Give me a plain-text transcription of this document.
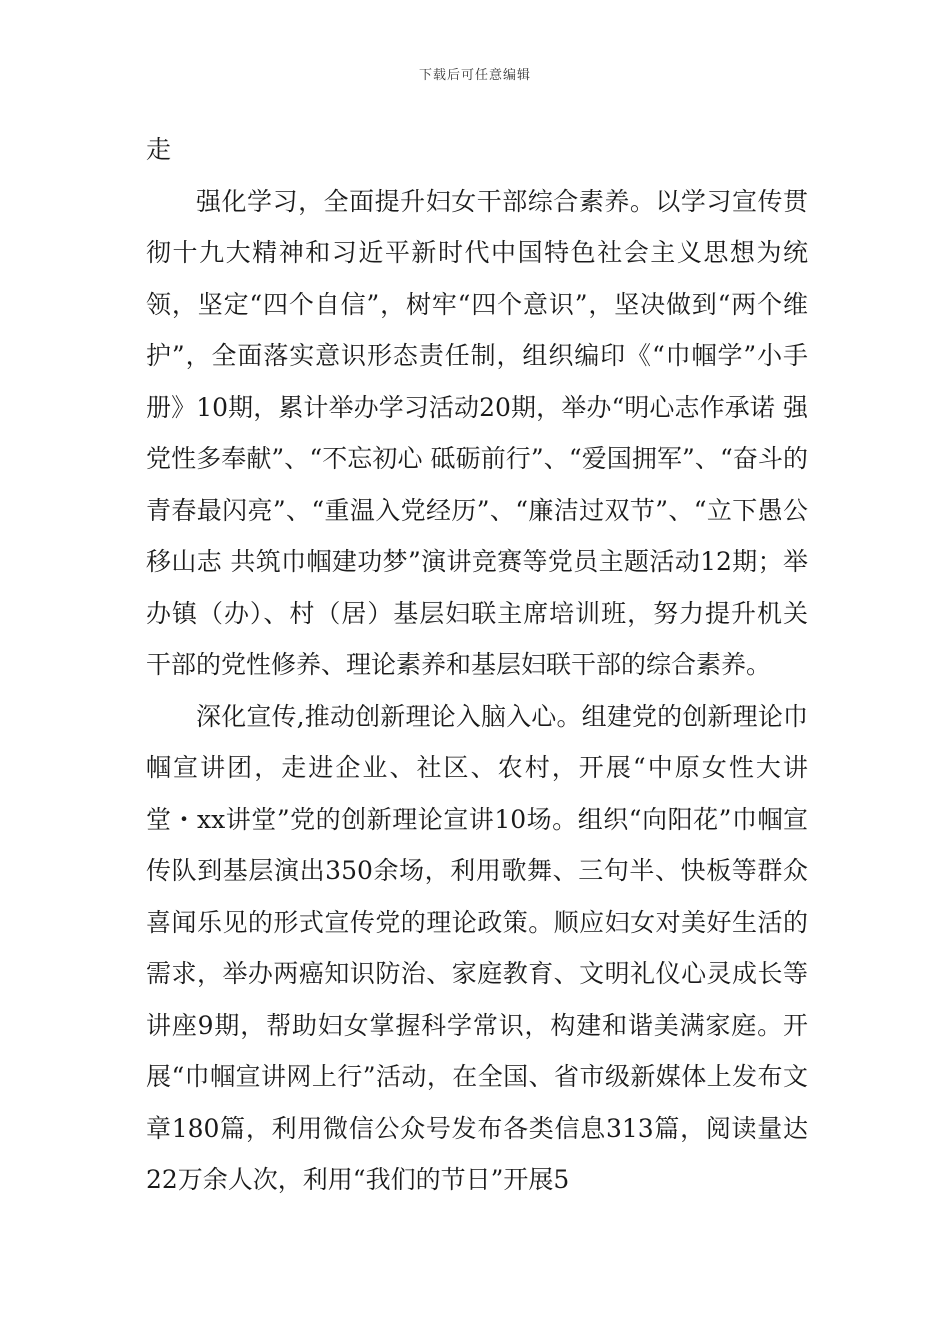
下载后可任意编辑

走

强化学习，全面提升妇女干部综合素养。以学习宣传贯彻十九大精神和习近平新时代中国特色社会主义思想为统领，坚定“四个自信”，树牢“四个意识”，坚决做到“两个维护”，全面落实意识形态责任制，组织编印《“巾帼学”小手册》10期，累计举办学习活动20期，举办“明心志作承诺 强党性多奉献”、“不忘初心 砥砺前行”、“爱国拥军”、“奋斗的青春最闪亮”、“重温入党经历”、“廉洁过双节”、“立下愚公移山志 共筑巾帼建功梦”演讲竞赛等党员主题活动12期；举办镇（办）、村（居）基层妇联主席培训班，努力提升机关干部的党性修养、理论素养和基层妇联干部的综合素养。

深化宣传,推动创新理论入脑入心。组建党的创新理论巾帼宣讲团，走进企业、社区、农村，开展“中原女性大讲堂・xx讲堂”党的创新理论宣讲10场。组织“向阳花”巾帼宣传队到基层演出350余场，利用歌舞、三句半、快板等群众喜闻乐见的形式宣传党的理论政策。顺应妇女对美好生活的需求，举办两癌知识防治、家庭教育、文明礼仪心灵成长等讲座9期，帮助妇女掌握科学常识，构建和谐美满家庭。开展“巾帼宣讲网上行”活动，在全国、省市级新媒体上发布文章180篇，利用微信公众号发布各类信息313篇，阅读量达22万余人次，利用“我们的节日”开展5
